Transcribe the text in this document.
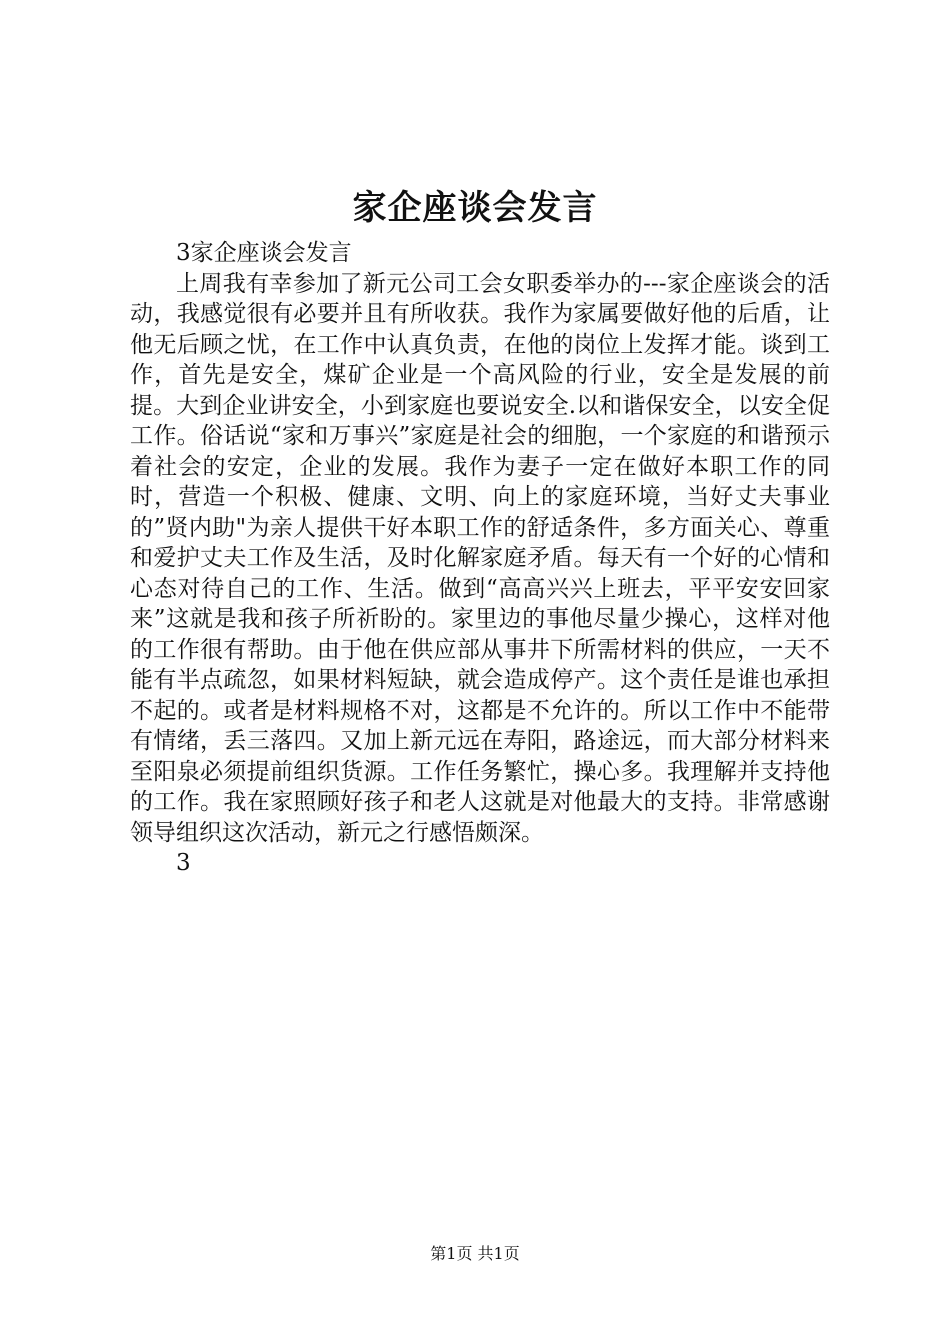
家企座谈会发言

3家企座谈会发言

上周我有幸参加了新元公司工会女职委举办的---家企座谈会的活动，我感觉很有必要并且有所收获。我作为家属要做好他的后盾，让他无后顾之忧，在工作中认真负责，在他的岗位上发挥才能。谈到工作，首先是安全，煤矿企业是一个高风险的行业，安全是发展的前提。大到企业讲安全，小到家庭也要说安全.以和谐保安全，以安全促工作。俗话说“家和万事兴”家庭是社会的细胞，一个家庭的和谐预示着社会的安定，企业的发展。我作为妻子一定在做好本职工作的同时，营造一个积极、健康、文明、向上的家庭环境，当好丈夫事业的”贤内助"为亲人提供干好本职工作的舒适条件，多方面关心、尊重和爱护丈夫工作及生活，及时化解家庭矛盾。每天有一个好的心情和心态对待自己的工作、生活。做到“高高兴兴上班去，平平安安回家来”这就是我和孩子所祈盼的。家里边的事他尽量少操心，这样对他的工作很有帮助。由于他在供应部从事井下所需材料的供应，一天不能有半点疏忽，如果材料短缺，就会造成停产。这个责任是谁也承担不起的。或者是材料规格不对，这都是不允许的。所以工作中不能带有情绪，丢三落四。又加上新元远在寿阳，路途远，而大部分材料来至阳泉必须提前组织货源。工作任务繁忙，操心多。我理解并支持他的工作。我在家照顾好孩子和老人这就是对他最大的支持。非常感谢领导组织这次活动，新元之行感悟颇深。

3

第1页 共1页
